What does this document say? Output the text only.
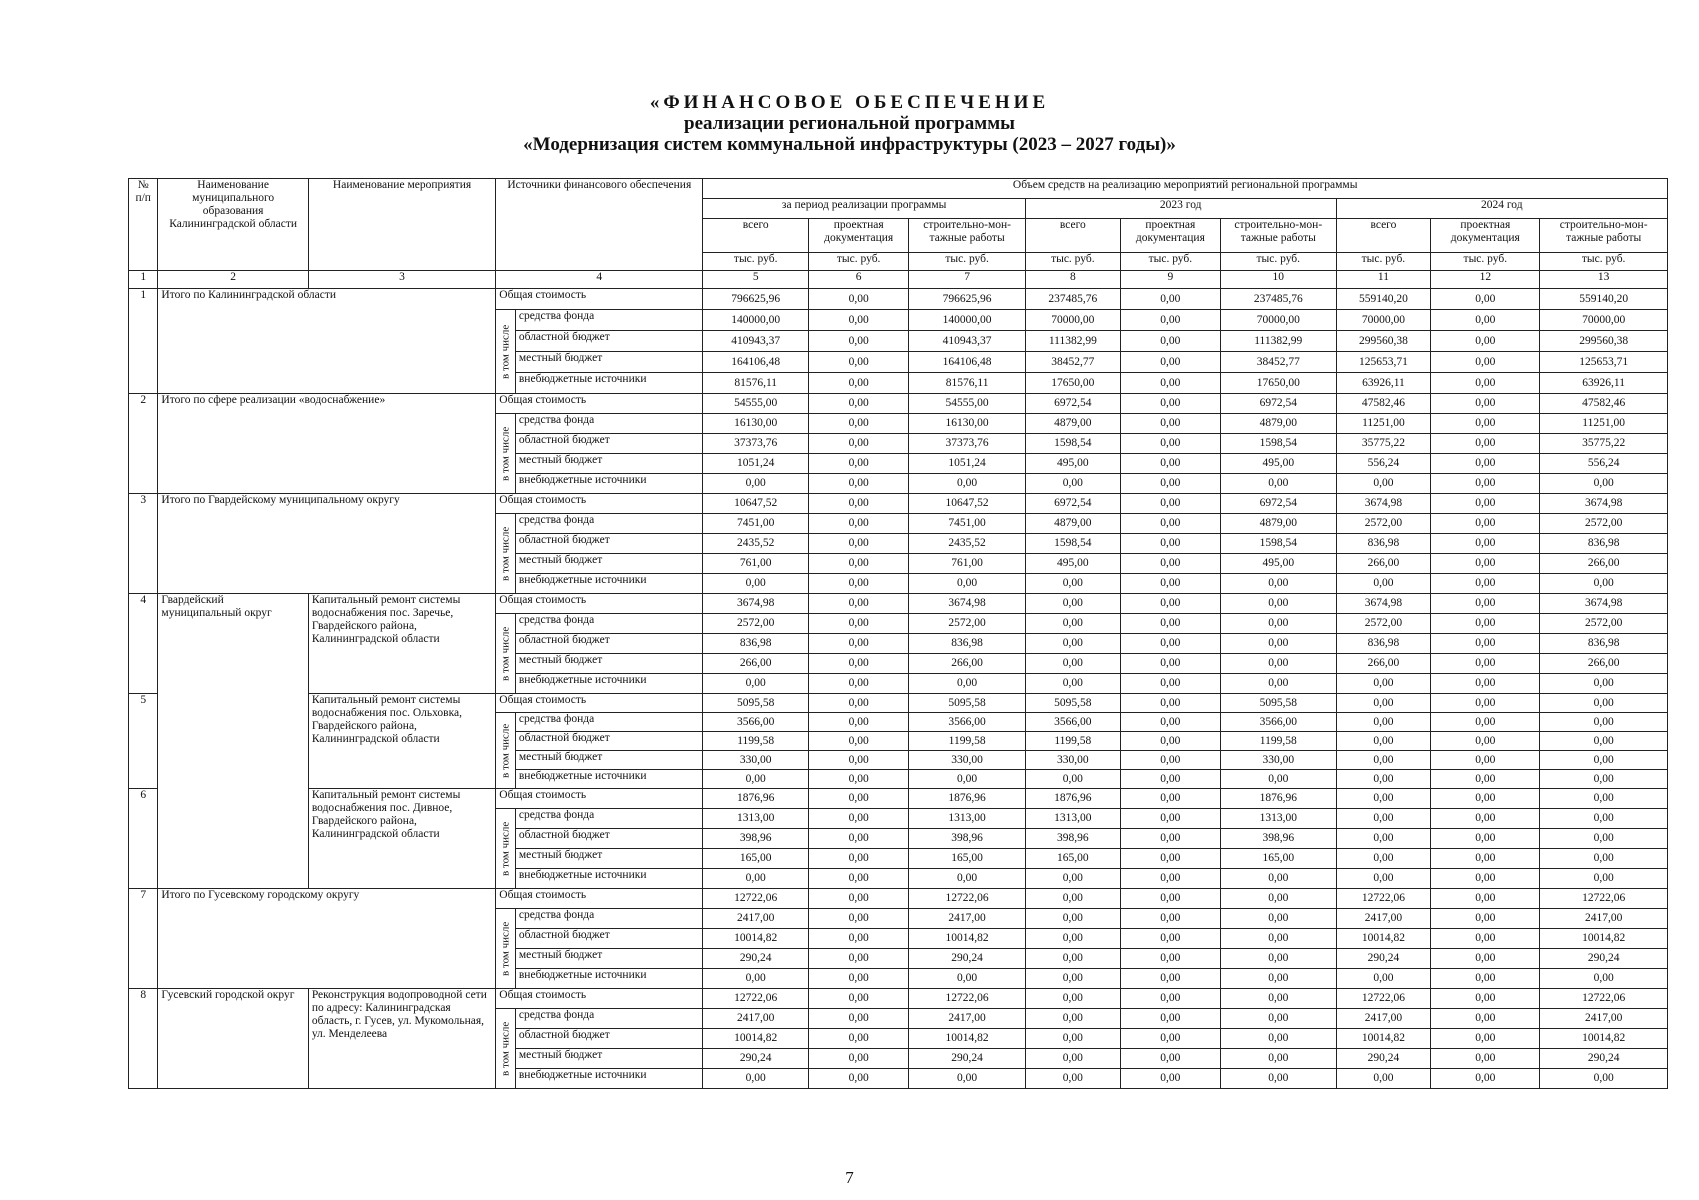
«ФИНАНСОВОЕ ОБЕСПЕЧЕНИЕ
реализации региональной программы
«Модернизация систем коммунальной инфраструктуры (2023 – 2027 годы)»
№ п/п	Наименование муниципального образования Калининградской области	Наименование мероприятия	Источники финансового обеспечения		Объем средств на реализацию мероприятий региональной программы								
					за период реализации программы			2023 год			2024 год		
					всего	проектная документация	строительно-мон-тажные работы	всего	проектная документация	строительно-мон-тажные работы	всего	проектная документация	строительно-мон-тажные работы
					тыс. руб.	тыс. руб.	тыс. руб.	тыс. руб.	тыс. руб.	тыс. руб.	тыс. руб.	тыс. руб.	тыс. руб.
1	2	3	4		5	6	7	8	9	10	11	12	13
1	Итого по Калининградской области		Общая стоимость		796625,96	0,00	796625,96	237485,76	0,00	237485,76	559140,20	0,00	559140,20
			в том числе	средства фонда	140000,00	0,00	140000,00	70000,00	0,00	70000,00	70000,00	0,00	70000,00
				областной бюджет	410943,37	0,00	410943,37	111382,99	0,00	111382,99	299560,38	0,00	299560,38
				местный бюджет	164106,48	0,00	164106,48	38452,77	0,00	38452,77	125653,71	0,00	125653,71
				внебюджетные источники	81576,11	0,00	81576,11	17650,00	0,00	17650,00	63926,11	0,00	63926,11
2	Итого по сфере реализации «водоснабжение»		Общая стоимость		54555,00	0,00	54555,00	6972,54	0,00	6972,54	47582,46	0,00	47582,46
			в том числе	средства фонда	16130,00	0,00	16130,00	4879,00	0,00	4879,00	11251,00	0,00	11251,00
				областной бюджет	37373,76	0,00	37373,76	1598,54	0,00	1598,54	35775,22	0,00	35775,22
				местный бюджет	1051,24	0,00	1051,24	495,00	0,00	495,00	556,24	0,00	556,24
				внебюджетные источники	0,00	0,00	0,00	0,00	0,00	0,00	0,00	0,00	0,00
3	Итого по Гвардейскому муниципальному округу		Общая стоимость		10647,52	0,00	10647,52	6972,54	0,00	6972,54	3674,98	0,00	3674,98
			в том числе	средства фонда	7451,00	0,00	7451,00	4879,00	0,00	4879,00	2572,00	0,00	2572,00
				областной бюджет	2435,52	0,00	2435,52	1598,54	0,00	1598,54	836,98	0,00	836,98
				местный бюджет	761,00	0,00	761,00	495,00	0,00	495,00	266,00	0,00	266,00
				внебюджетные источники	0,00	0,00	0,00	0,00	0,00	0,00	0,00	0,00	0,00
4	Гвардейский муниципальный округ	Капитальный ремонт системы водоснабжения пос. Заречье, Гвардейского района, Калининградской области	Общая стоимость		3674,98	0,00	3674,98	0,00	0,00	0,00	3674,98	0,00	3674,98
			в том числе	средства фонда	2572,00	0,00	2572,00	0,00	0,00	0,00	2572,00	0,00	2572,00
				областной бюджет	836,98	0,00	836,98	0,00	0,00	0,00	836,98	0,00	836,98
				местный бюджет	266,00	0,00	266,00	0,00	0,00	0,00	266,00	0,00	266,00
				внебюджетные источники	0,00	0,00	0,00	0,00	0,00	0,00	0,00	0,00	0,00
5		Капитальный ремонт системы водоснабжения пос. Ольховка, Гвардейского района, Калининградской области	Общая стоимость		5095,58	0,00	5095,58	5095,58	0,00	5095,58	0,00	0,00	0,00
			в том числе	средства фонда	3566,00	0,00	3566,00	3566,00	0,00	3566,00	0,00	0,00	0,00
				областной бюджет	1199,58	0,00	1199,58	1199,58	0,00	1199,58	0,00	0,00	0,00
				местный бюджет	330,00	0,00	330,00	330,00	0,00	330,00	0,00	0,00	0,00
				внебюджетные источники	0,00	0,00	0,00	0,00	0,00	0,00	0,00	0,00	0,00
6		Капитальный ремонт системы водоснабжения пос. Дивное, Гвардейского района, Калининградской области	Общая стоимость		1876,96	0,00	1876,96	1876,96	0,00	1876,96	0,00	0,00	0,00
			в том числе	средства фонда	1313,00	0,00	1313,00	1313,00	0,00	1313,00	0,00	0,00	0,00
				областной бюджет	398,96	0,00	398,96	398,96	0,00	398,96	0,00	0,00	0,00
				местный бюджет	165,00	0,00	165,00	165,00	0,00	165,00	0,00	0,00	0,00
				внебюджетные источники	0,00	0,00	0,00	0,00	0,00	0,00	0,00	0,00	0,00
7	Итого по Гусевскому городскому округу		Общая стоимость		12722,06	0,00	12722,06	0,00	0,00	0,00	12722,06	0,00	12722,06
			в том числе	средства фонда	2417,00	0,00	2417,00	0,00	0,00	0,00	2417,00	0,00	2417,00
				областной бюджет	10014,82	0,00	10014,82	0,00	0,00	0,00	10014,82	0,00	10014,82
				местный бюджет	290,24	0,00	290,24	0,00	0,00	0,00	290,24	0,00	290,24
				внебюджетные источники	0,00	0,00	0,00	0,00	0,00	0,00	0,00	0,00	0,00
8	Гусевский городской округ	Реконструкция водопроводной сети по адресу: Калининградская область, г. Гусев, ул. Мукомольная, ул. Менделеева	Общая стоимость		12722,06	0,00	12722,06	0,00	0,00	0,00	12722,06	0,00	12722,06
			в том числе	средства фонда	2417,00	0,00	2417,00	0,00	0,00	0,00	2417,00	0,00	2417,00
				областной бюджет	10014,82	0,00	10014,82	0,00	0,00	0,00	10014,82	0,00	10014,82
				местный бюджет	290,24	0,00	290,24	0,00	0,00	0,00	290,24	0,00	290,24
				внебюджетные источники	0,00	0,00	0,00	0,00	0,00	0,00	0,00	0,00	0,00
7
